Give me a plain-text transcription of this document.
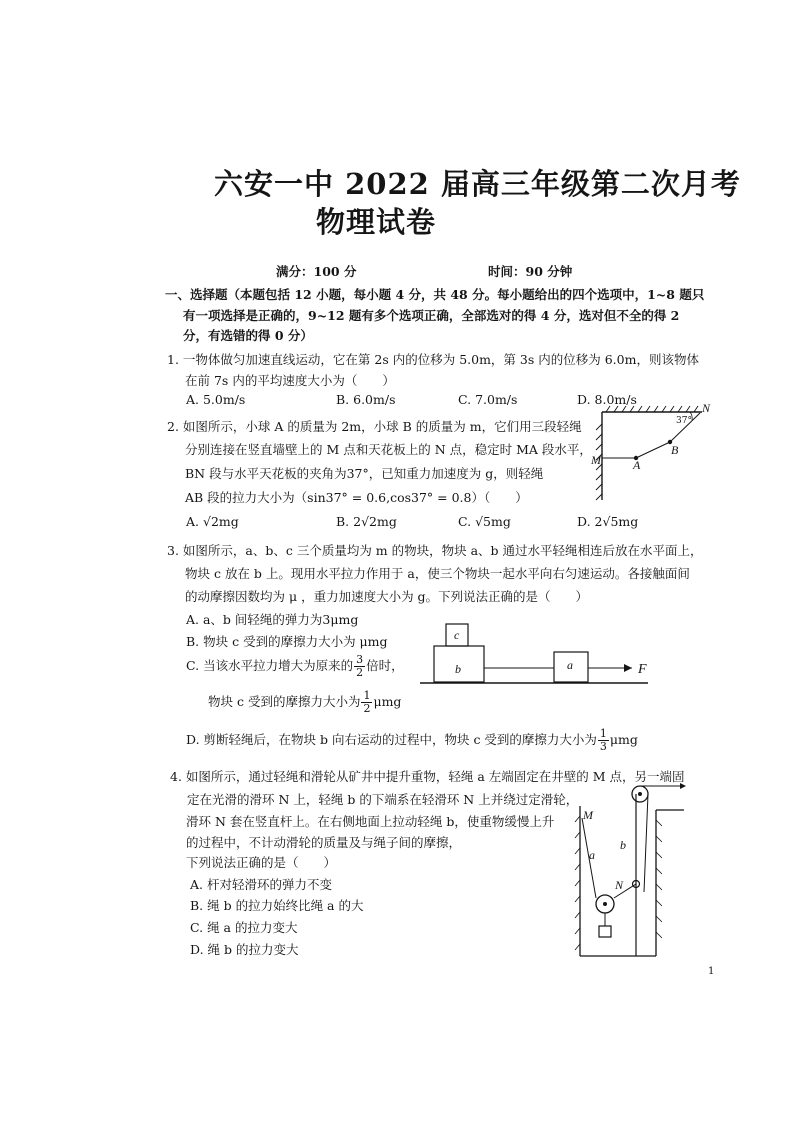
六安一中 2022 届高三年级第二次月考
物理试卷
满分：100 分	时间：90 分钟
一、选择题（本题包括 12 小题，每小题 4 分，共 48 分。每小题给出的四个选项中，1~8 题只
有一项选择是正确的，9~12 题有多个选项正确，全部选对的得 4 分，选对但不全的得 2
分，有选错的得 0 分）
1. 一物体做匀加速直线运动，它在第 2s 内的位移为 5.0m，第 3s 内的位移为 6.0m，则该物体
在前 7s 内的平均速度大小为（　　）
A. 5.0m/s	B. 6.0m/s	C. 7.0m/s	D. 8.0m/s
2. 如图所示，小球 A 的质量为 2m，小球 B 的质量为 m，它们用三段轻绳
分别连接在竖直墙壁上的 M 点和天花板上的 N 点，稳定时 MA 段水平，
BN 段与水平天花板的夹角为37°，已知重力加速度为 g，则轻绳
AB 段的拉力大小为（sin37° = 0.6,cos37° = 0.8）（　　）
A. √2mg	B. 2√2mg	C. √5mg	D. 2√5mg
M	A
B
N
37°
3. 如图所示，a、b、c 三个质量均为 m 的物块，物块 a、b 通过水平轻绳相连后放在水平面上，
物块 c 放在 b 上。现用水平拉力作用于 a，使三个物块一起水平向右匀速运动。各接触面间
的动摩擦因数均为 μ ，重力加速度大小为 g。下列说法正确的是（　　）
A. a、b 间轻绳的弹力为3μmg
B. 物块 c 受到的摩擦力大小为 μmg
C. 当该水平拉力增大为原来的 $\frac{3}{2}$ 倍时，
物块 c 受到的摩擦力大小为 $\frac{1}{2}$ μmg
D. 剪断轻绳后，在物块 b 向右运动的过程中，物块 c 受到的摩擦力大小为 $\frac{1}{3}$ μmg
c
b	a	F
4. 如图所示，通过轻绳和滑轮从矿井中提升重物，轻绳 a 左端固定在井壁的 M 点，另一端固
定在光滑的滑环 N 上，轻绳 b 的下端系在轻滑环 N 上并绕过定滑轮，
滑环 N 套在竖直杆上。在右侧地面上拉动轻绳 b，使重物缓慢上升
的过程中，不计动滑轮的质量及与绳子间的摩擦，
下列说法正确的是（　　）
A. 杆对轻滑环的弹力不变
B. 绳 b 的拉力始终比绳 a 的大
C. 绳 a 的拉力变大
D. 绳 b 的拉力变大
M
a
b
N
1
